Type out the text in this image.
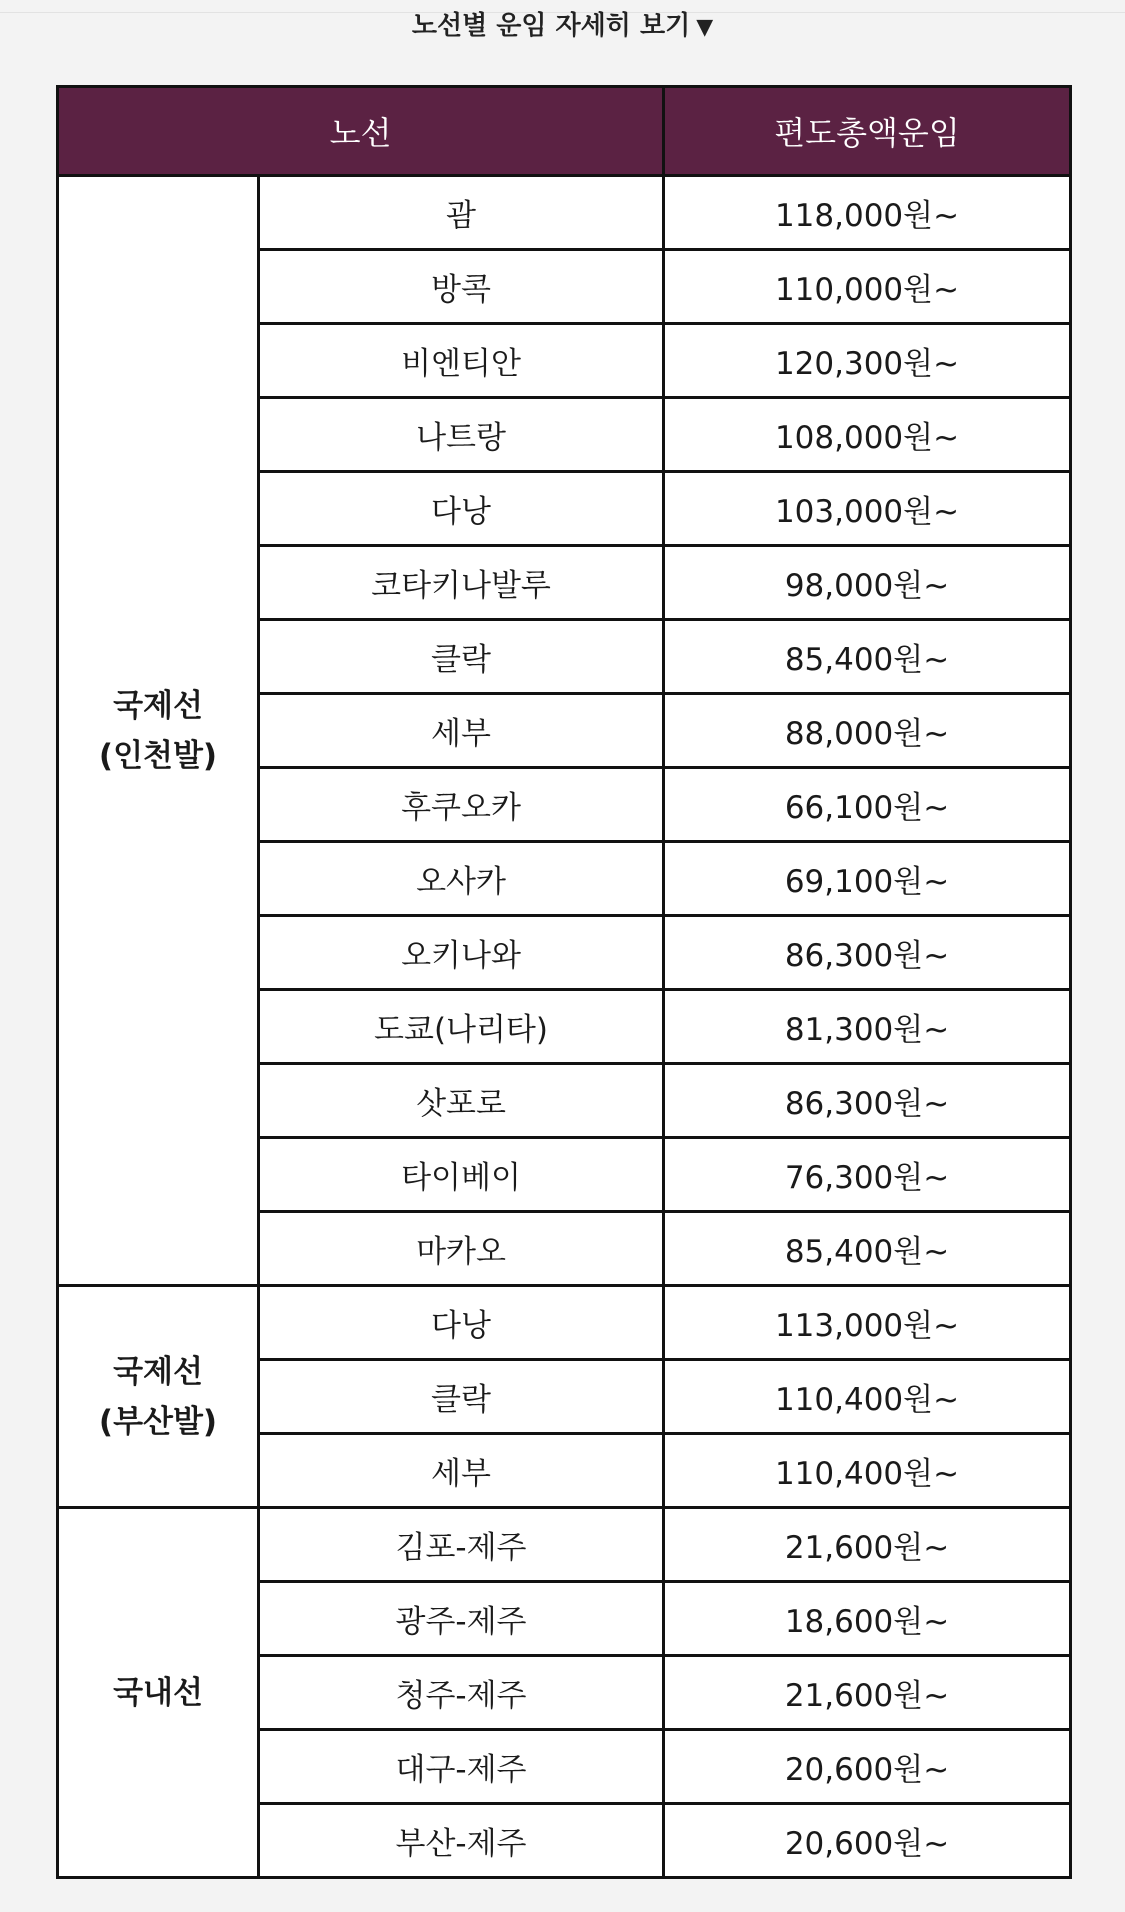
노선별 운임 자세히 보기 ▼
노선		편도총액운임

국제선
(인천발)	괌	118,000원~
	방콕	110,000원~
	비엔티안	120,300원~
	나트랑	108,000원~
	다낭	103,000원~
	코타키나발루	98,000원~
	클락	85,400원~
	세부	88,000원~
	후쿠오카	66,100원~
	오사카	69,100원~
	오키나와	86,300원~
	도쿄(나리타)	81,300원~
	삿포로	86,300원~
	타이베이	76,300원~
	마카오	85,400원~

국제선
(부산발)	다낭	113,000원~
	클락	110,400원~
	세부	110,400원~

국내선	김포-제주	21,600원~
	광주-제주	18,600원~
	청주-제주	21,600원~
	대구-제주	20,600원~
	부산-제주	20,600원~
